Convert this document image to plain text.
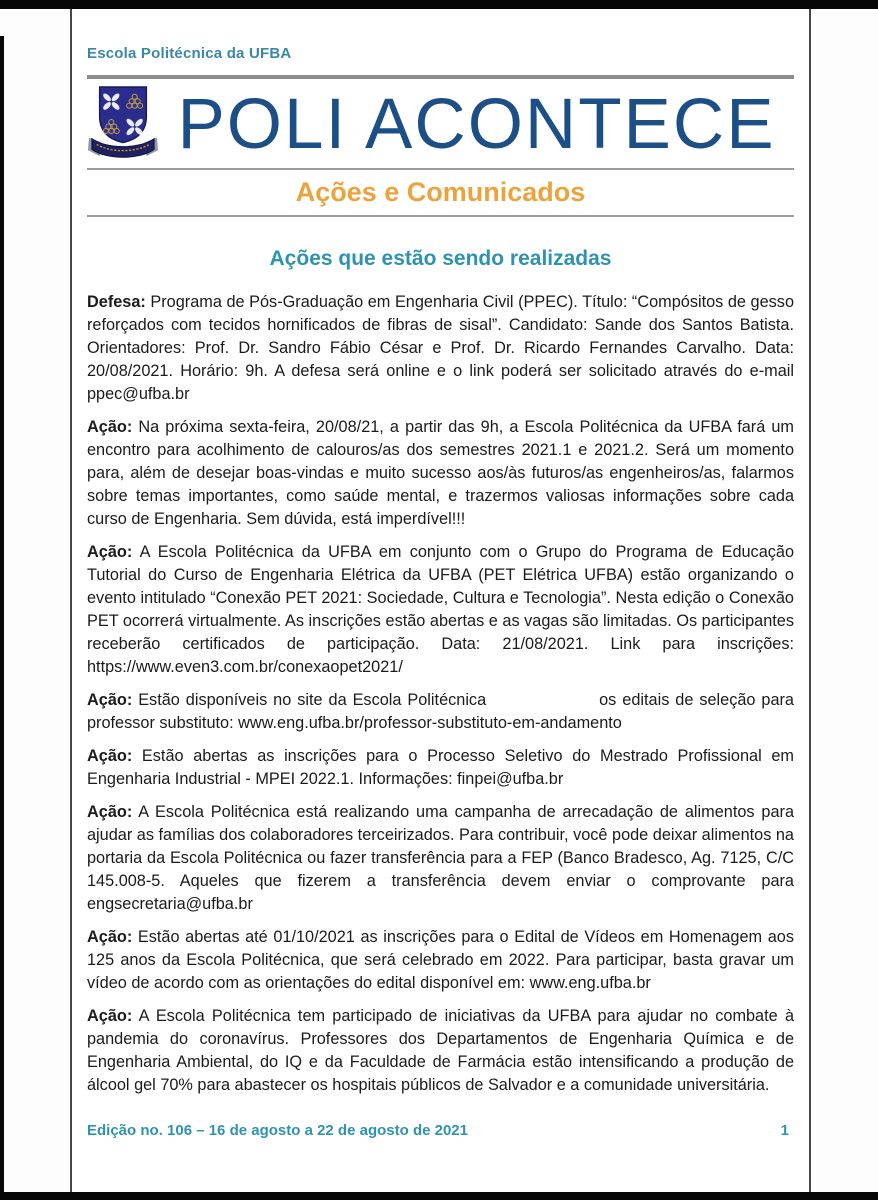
Escola Politécnica da UFBA
POLI ACONTECE
Ações e Comunicados
Ações que estão sendo realizadas

Defesa: Programa de Pós-Graduação em Engenharia Civil (PPEC). Título: “Compósitos de gesso reforçados com tecidos hornificados de fibras de sisal”. Candidato: Sande dos Santos Batista. Orientadores: Prof. Dr. Sandro Fábio César e Prof. Dr. Ricardo Fernandes Carvalho. Data: 20/08/2021. Horário: 9h. A defesa será online e o link poderá ser solicitado através do e-mail ppec@ufba.br

Ação: Na próxima sexta-feira, 20/08/21, a partir das 9h, a Escola Politécnica da UFBA fará um encontro para acolhimento de calouros/as dos semestres 2021.1 e 2021.2. Será um momento para, além de desejar boas-vindas e muito sucesso aos/às futuros/as engenheiros/as, falarmos sobre temas importantes, como saúde mental, e trazermos valiosas informações sobre cada curso de Engenharia. Sem dúvida, está imperdível!!!

Ação: A Escola Politécnica da UFBA em conjunto com o Grupo do Programa de Educação Tutorial do Curso de Engenharia Elétrica da UFBA (PET Elétrica UFBA) estão organizando o evento intitulado “Conexão PET 2021: Sociedade, Cultura e Tecnologia”. Nesta edição o Conexão PET ocorrerá virtualmente. As inscrições estão abertas e as vagas são limitadas. Os participantes receberão certificados de participação. Data: 21/08/2021. Link para inscrições: https://www.even3.com.br/conexaopet2021/

Ação: Estão disponíveis no site da Escola Politécnica                   os editais de seleção para professor substituto: www.eng.ufba.br/professor-substituto-em-andamento

Ação: Estão abertas as inscrições para o Processo Seletivo do Mestrado Profissional em Engenharia Industrial - MPEI 2022.1. Informações: finpei@ufba.br

Ação: A Escola Politécnica está realizando uma campanha de arrecadação de alimentos para ajudar as famílias dos colaboradores terceirizados. Para contribuir, você pode deixar alimentos na portaria da Escola Politécnica ou fazer transferência para a FEP (Banco Bradesco, Ag. 7125, C/C 145.008-5. Aqueles que fizerem a transferência devem enviar o comprovante para engsecretaria@ufba.br

Ação: Estão abertas até 01/10/2021 as inscrições para o Edital de Vídeos em Homenagem aos 125 anos da Escola Politécnica, que será celebrado em 2022. Para participar, basta gravar um vídeo de acordo com as orientações do edital disponível em: www.eng.ufba.br

Ação: A Escola Politécnica tem participado de iniciativas da UFBA para ajudar no combate à pandemia do coronavírus. Professores dos Departamentos de Engenharia Química e de Engenharia Ambiental, do IQ e da Faculdade de Farmácia estão intensificando a produção de álcool gel 70% para abastecer os hospitais públicos de Salvador e a comunidade universitária.

Edição no. 106 – 16 de agosto a 22 de agosto de 2021	1
